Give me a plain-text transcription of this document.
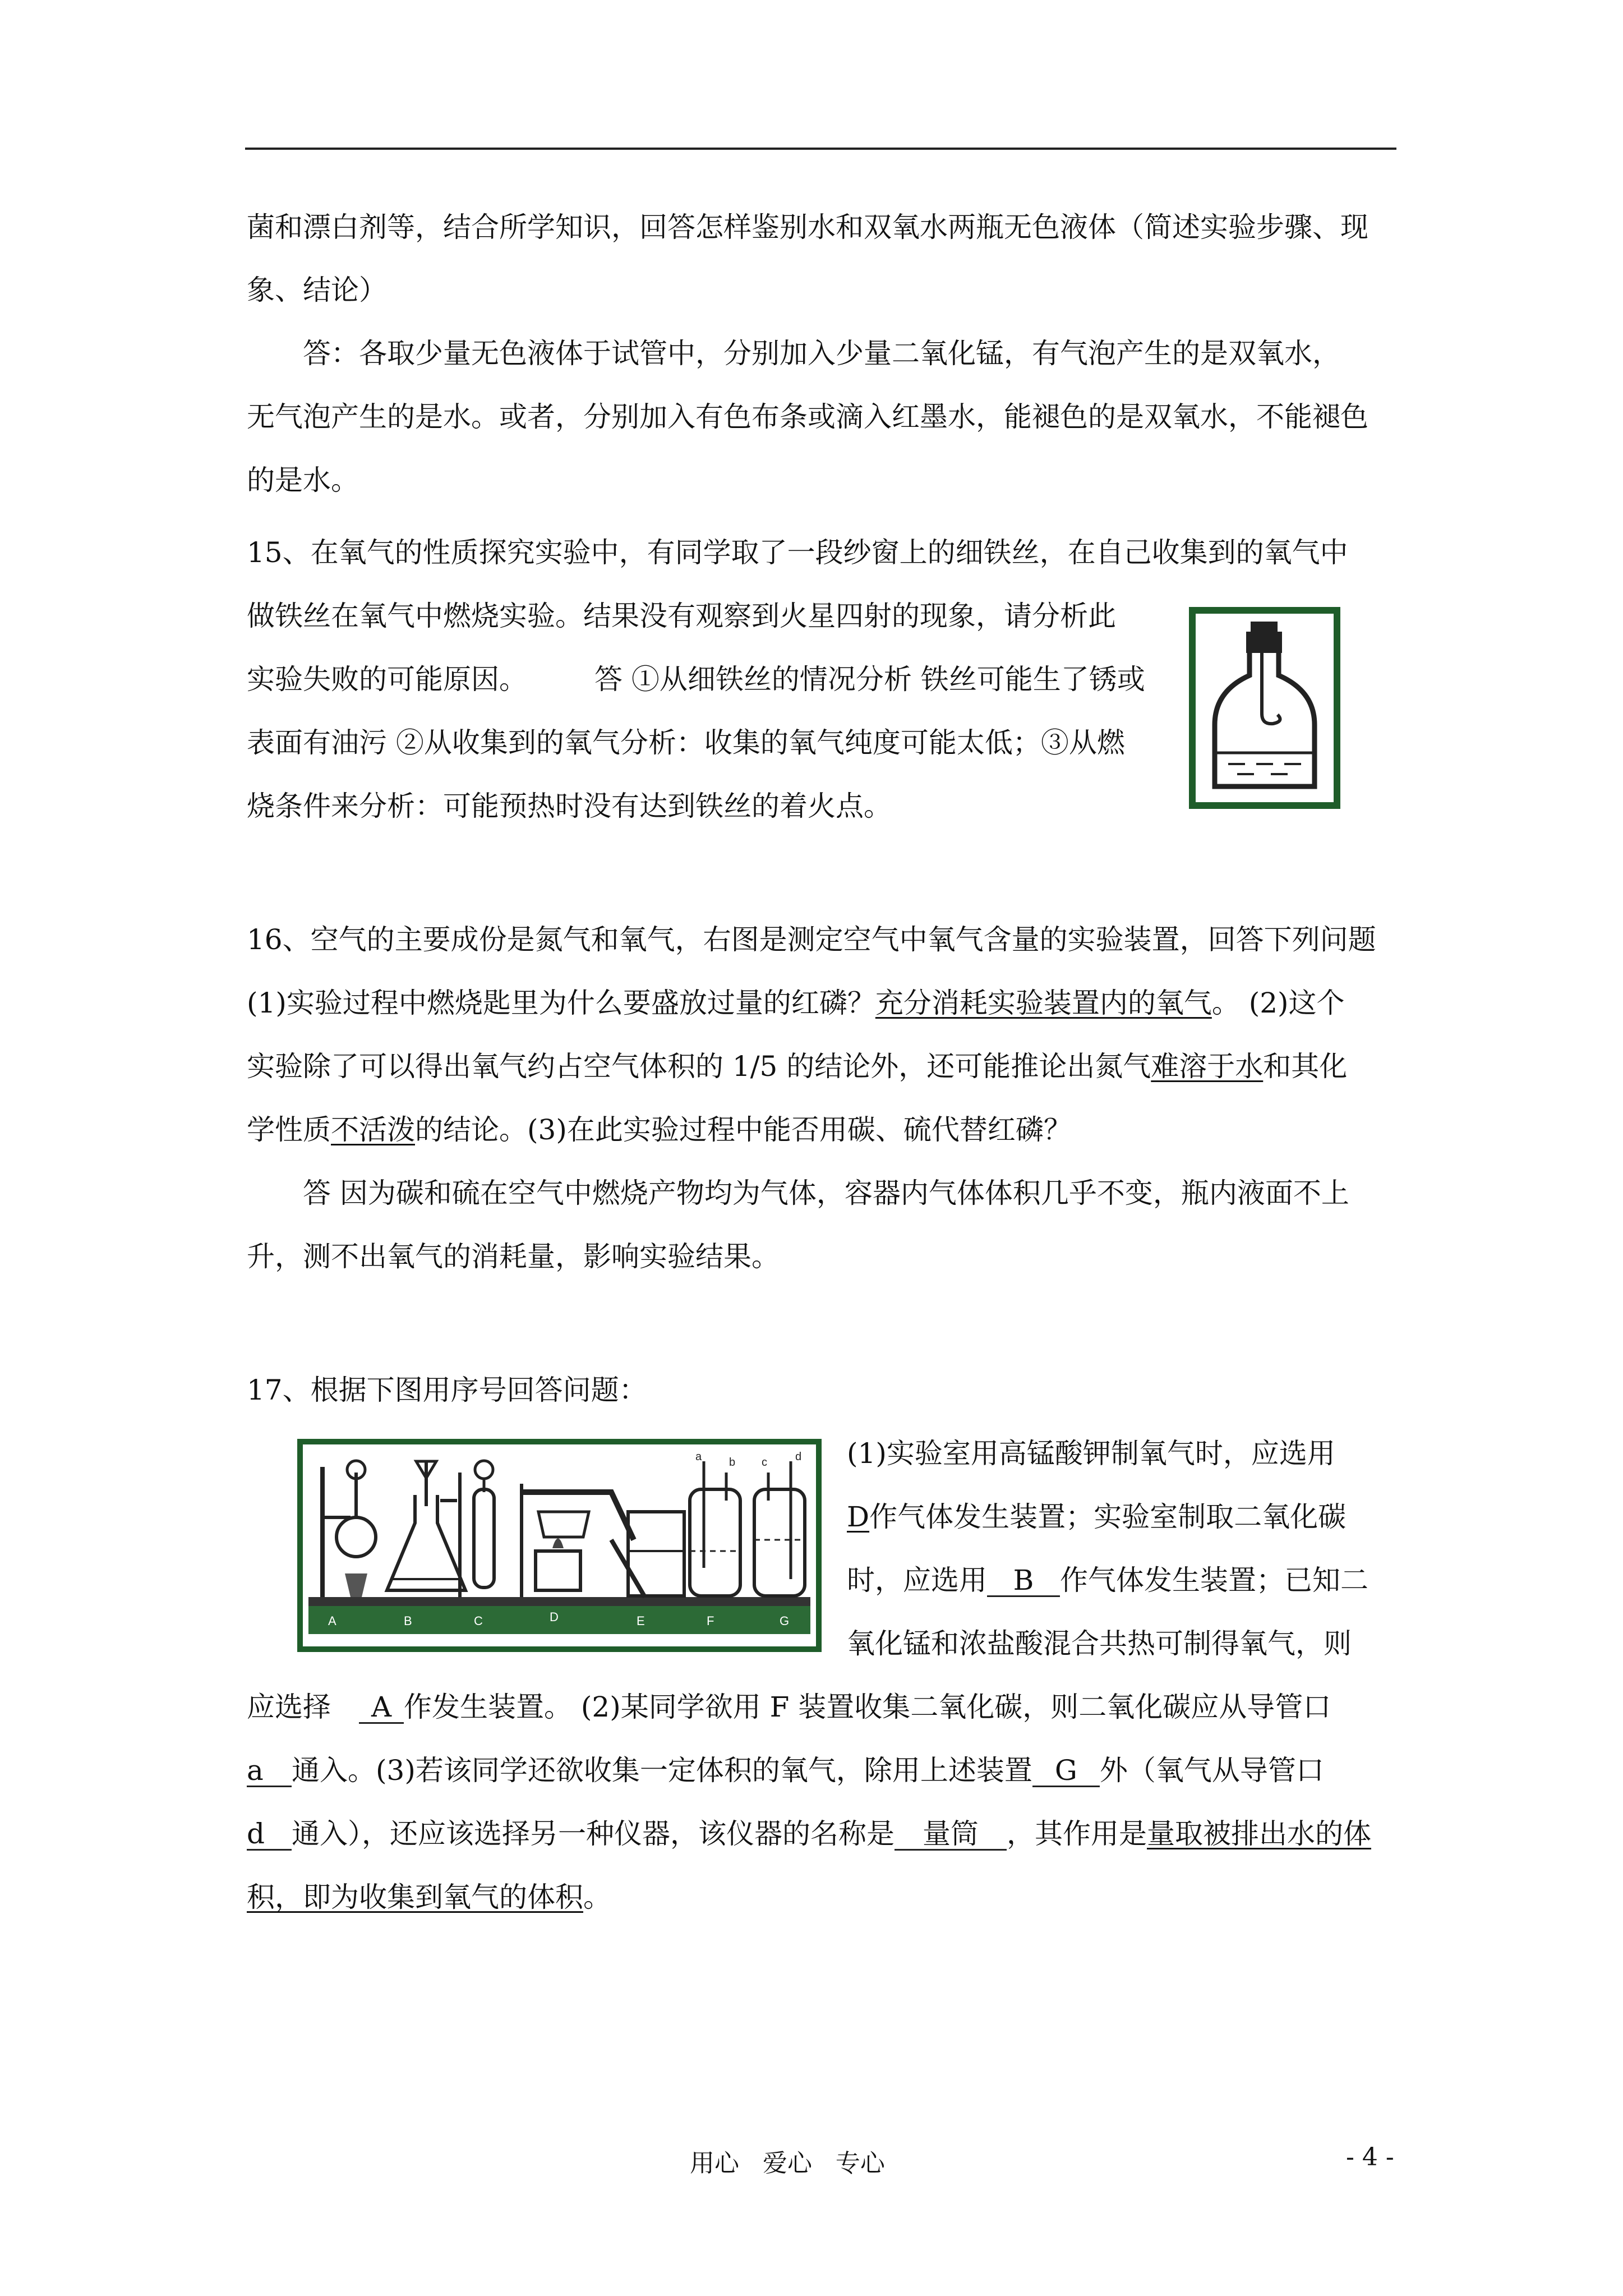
菌和漂白剂等，结合所学知识，回答怎样鉴别水和双氧水两瓶无色液体（简述实验步骤、现
象、结论）
答：各取少量无色液体于试管中，分别加入少量二氧化锰，有气泡产生的是双氧水，
无气泡产生的是水。或者，分别加入有色布条或滴入红墨水，能褪色的是双氧水，不能褪色
的是水。
15、在氧气的性质探究实验中，有同学取了一段纱窗上的细铁丝，在自己收集到的氧气中
做铁丝在氧气中燃烧实验。结果没有观察到火星四射的现象，请分析此
实验失败的可能原因。 答 ①从细铁丝的情况分析 铁丝可能生了锈或
表面有油污 ②从收集到的氧气分析：收集的氧气纯度可能太低；③从燃
烧条件来分析：可能预热时没有达到铁丝的着火点。
16、空气的主要成份是氮气和氧气，右图是测定空气中氧气含量的实验装置，回答下列问题
(1)实验过程中燃烧匙里为什么要盛放过量的红磷？充分消耗实验装置内的氧气。 (2)这个
实验除了可以得出氧气约占空气体积的 1/5 的结论外，还可能推论出氮气难溶于水和其化
学性质不活泼的结论。(3)在此实验过程中能否用碳、硫代替红磷？
答 因为碳和硫在空气中燃烧产物均为气体，容器内气体体积几乎不变，瓶内液面不上
升，测不出氧气的消耗量，影响实验结果。
17、根据下图用序号回答问题：
A	B	C	D	E	F	G
a b c	d (1)实验室用高锰酸钾制氧气时，应选用
D作气体发生装置；实验室制取二氧化碳
时，应选用 B 作气体发生装置；已知二
氧化锰和浓盐酸混合共热可制得氧气，则
应选择 A 作发生装置。 (2)某同学欲用 F 装置收集二氧化碳，则二氧化碳应从导管口
a 通入。(3)若该同学还欲收集一定体积的氧气，除用上述装置 G 外（氧气从导管口
d 通入），还应该选择另一种仪器，该仪器的名称是 量筒 ，其作用是量取被排出水的体
积，即为收集到氧气的体积。
用心   爱心   专心	- 4 -
